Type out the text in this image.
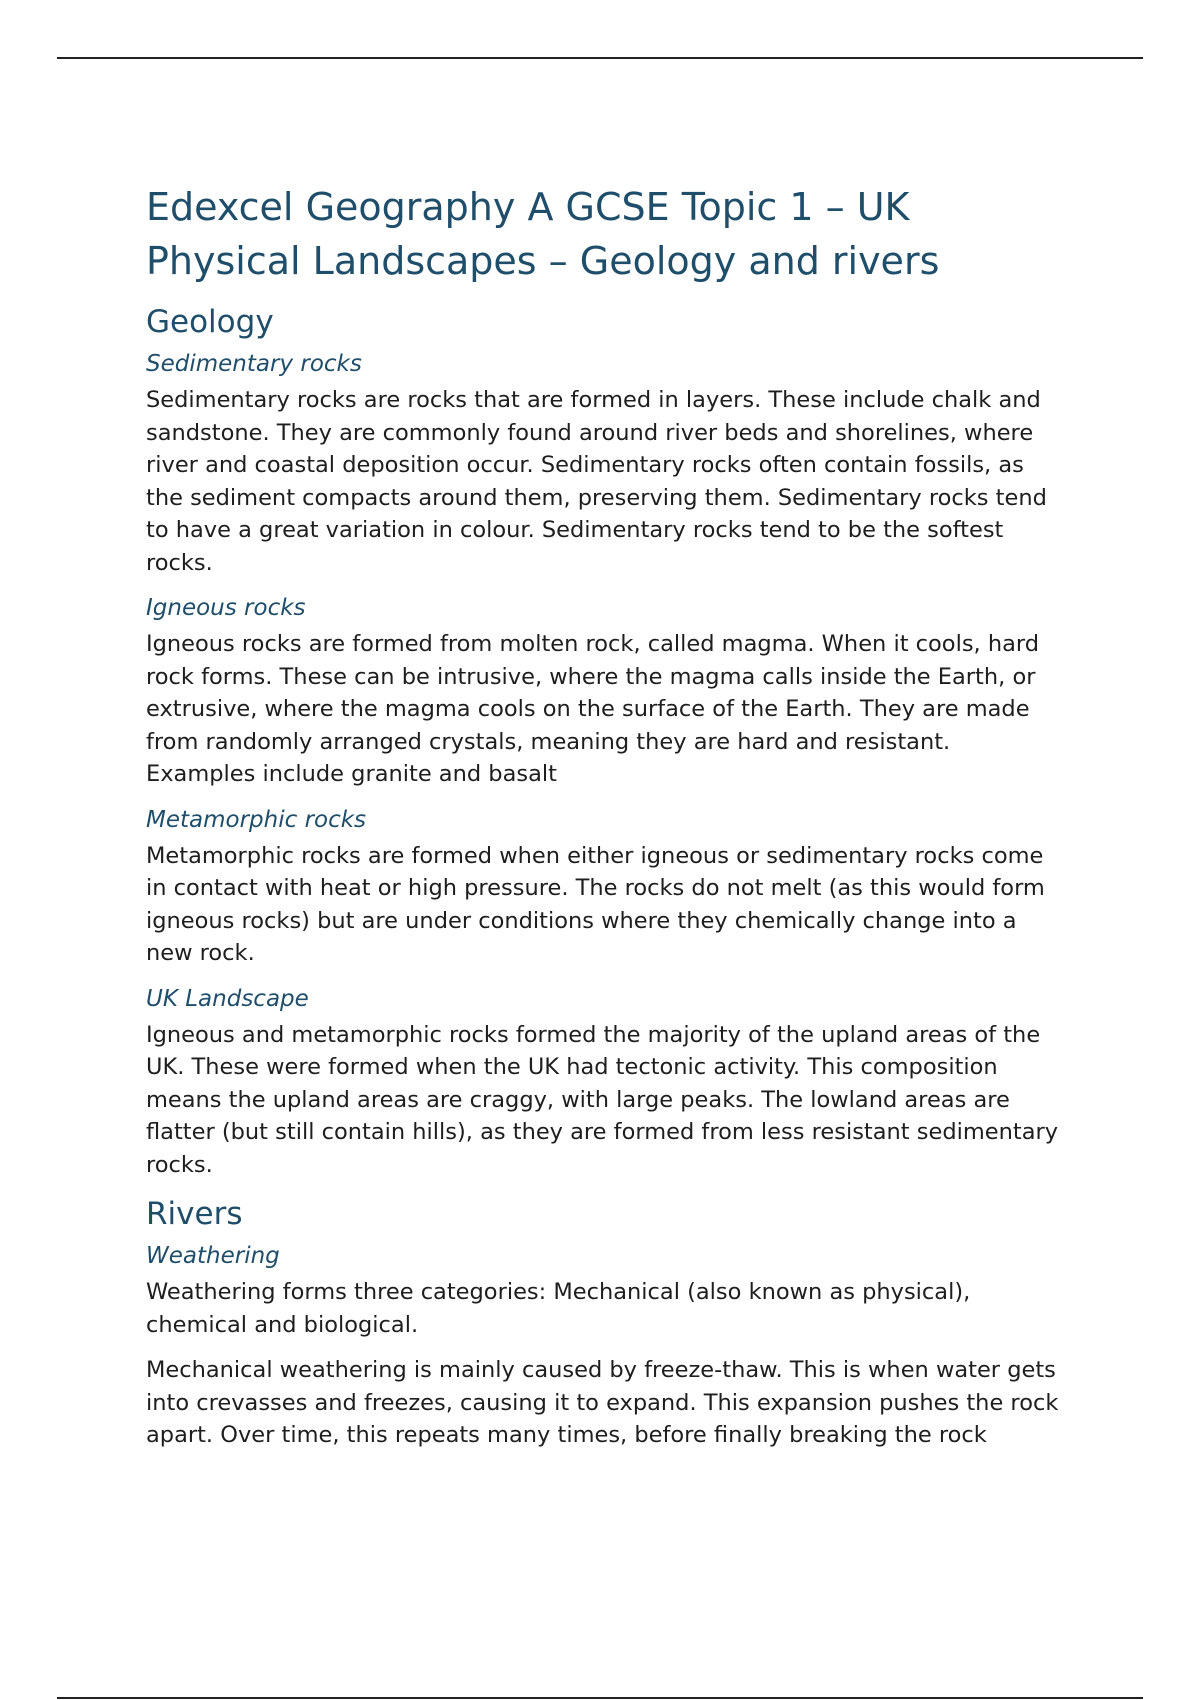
Edexcel Geography A GCSE Topic 1 – UK Physical Landscapes – Geology and rivers
Geology
Sedimentary rocks

Sedimentary rocks are rocks that are formed in layers. These include chalk and sandstone. They are commonly found around river beds and shorelines, where river and coastal deposition occur. Sedimentary rocks often contain fossils, as the sediment compacts around them, preserving them. Sedimentary rocks tend to have a great variation in colour. Sedimentary rocks tend to be the softest rocks.

Igneous rocks

Igneous rocks are formed from molten rock, called magma. When it cools, hard rock forms. These can be intrusive, where the magma calls inside the Earth, or extrusive, where the magma cools on the surface of the Earth. They are made from randomly arranged crystals, meaning they are hard and resistant. Examples include granite and basalt

Metamorphic rocks

Metamorphic rocks are formed when either igneous or sedimentary rocks come in contact with heat or high pressure. The rocks do not melt (as this would form igneous rocks) but are under conditions where they chemically change into a new rock.

UK Landscape

Igneous and metamorphic rocks formed the majority of the upland areas of the UK. These were formed when the UK had tectonic activity. This composition means the upland areas are craggy, with large peaks. The lowland areas are flatter (but still contain hills), as they are formed from less resistant sedimentary rocks.

Rivers
Weathering

Weathering forms three categories: Mechanical (also known as physical), chemical and biological.

Mechanical weathering is mainly caused by freeze-thaw. This is when water gets into crevasses and freezes, causing it to expand. This expansion pushes the rock apart. Over time, this repeats many times, before finally breaking the rock
